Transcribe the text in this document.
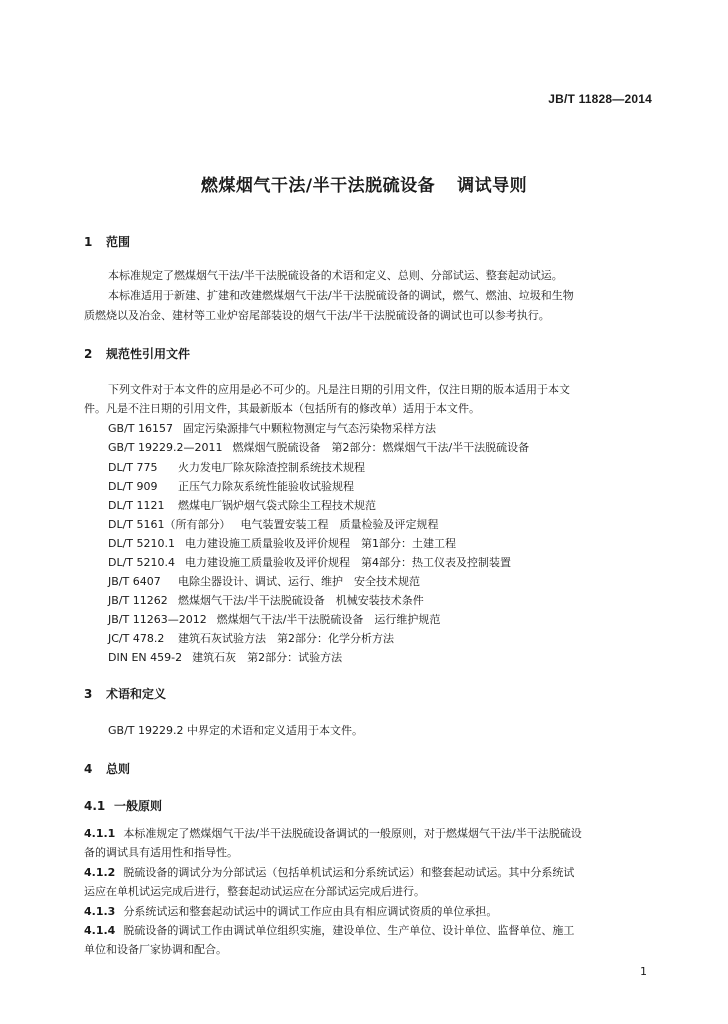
JB/T 11828—2014
燃煤烟气干法/半干法脱硫设备 调试导则
1 范围
本标准规定了燃煤烟气干法/半干法脱硫设备的术语和定义、总则、分部试运、整套起动试运。
本标准适用于新建、扩建和改建燃煤烟气干法/半干法脱硫设备的调试，燃气、燃油、垃圾和生物
质燃烧以及冶金、建材等工业炉窑尾部装设的烟气干法/半干法脱硫设备的调试也可以参考执行。
2 规范性引用文件
下列文件对于本文件的应用是必不可少的。凡是注日期的引用文件，仅注日期的版本适用于本文
件。凡是不注日期的引用文件，其最新版本（包括所有的修改单）适用于本文件。
GB/T 16157 固定污染源排气中颗粒物测定与气态污染物采样方法
GB/T 19229.2—2011 燃煤烟气脱硫设备　第2部分：燃煤烟气干法/半干法脱硫设备
DL/T 775 火力发电厂除灰除渣控制系统技术规程
DL/T 909 正压气力除灰系统性能验收试验规程
DL/T 1121 燃煤电厂锅炉烟气袋式除尘工程技术规范
DL/T 5161（所有部分） 电气装置安装工程　质量检验及评定规程
DL/T 5210.1 电力建设施工质量验收及评价规程　第1部分：土建工程
DL/T 5210.4 电力建设施工质量验收及评价规程　第4部分：热工仪表及控制装置
JB/T 6407 电除尘器设计、调试、运行、维护　安全技术规范
JB/T 11262 燃煤烟气干法/半干法脱硫设备　机械安装技术条件
JB/T 11263—2012 燃煤烟气干法/半干法脱硫设备　运行维护规范
JC/T 478.2 建筑石灰试验方法　第2部分：化学分析方法
DIN EN 459-2 建筑石灰　第2部分：试验方法
3 术语和定义
GB/T 19229.2 中界定的术语和定义适用于本文件。
4 总则
4.1 一般原则
4.1.1 本标准规定了燃煤烟气干法/半干法脱硫设备调试的一般原则，对于燃煤烟气干法/半干法脱硫设
备的调试具有适用性和指导性。
4.1.2 脱硫设备的调试分为分部试运（包括单机试运和分系统试运）和整套起动试运。其中分系统试
运应在单机试运完成后进行，整套起动试运应在分部试运完成后进行。
4.1.3 分系统试运和整套起动试运中的调试工作应由具有相应调试资质的单位承担。
4.1.4 脱硫设备的调试工作由调试单位组织实施，建设单位、生产单位、设计单位、监督单位、施工
单位和设备厂家协调和配合。
1
